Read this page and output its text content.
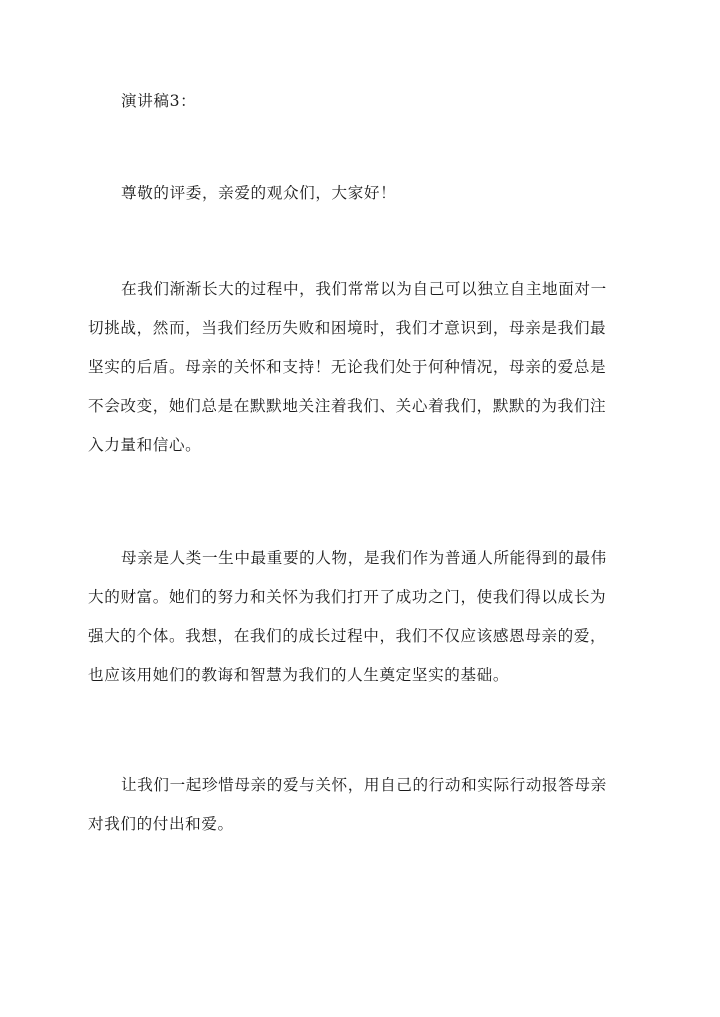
演讲稿3：

尊敬的评委，亲爱的观众们，大家好！

在我们渐渐长大的过程中，我们常常以为自己可以独立自主地面对一
切挑战，然而，当我们经历失败和困境时，我们才意识到，母亲是我们最
坚实的后盾。母亲的关怀和支持！无论我们处于何种情况，母亲的爱总是
不会改变，她们总是在默默地关注着我们、关心着我们，默默的为我们注
入力量和信心。

母亲是人类一生中最重要的人物，是我们作为普通人所能得到的最伟
大的财富。她们的努力和关怀为我们打开了成功之门，使我们得以成长为
强大的个体。我想，在我们的成长过程中，我们不仅应该感恩母亲的爱，
也应该用她们的教诲和智慧为我们的人生奠定坚实的基础。

让我们一起珍惜母亲的爱与关怀，用自己的行动和实际行动报答母亲
对我们的付出和爱。
